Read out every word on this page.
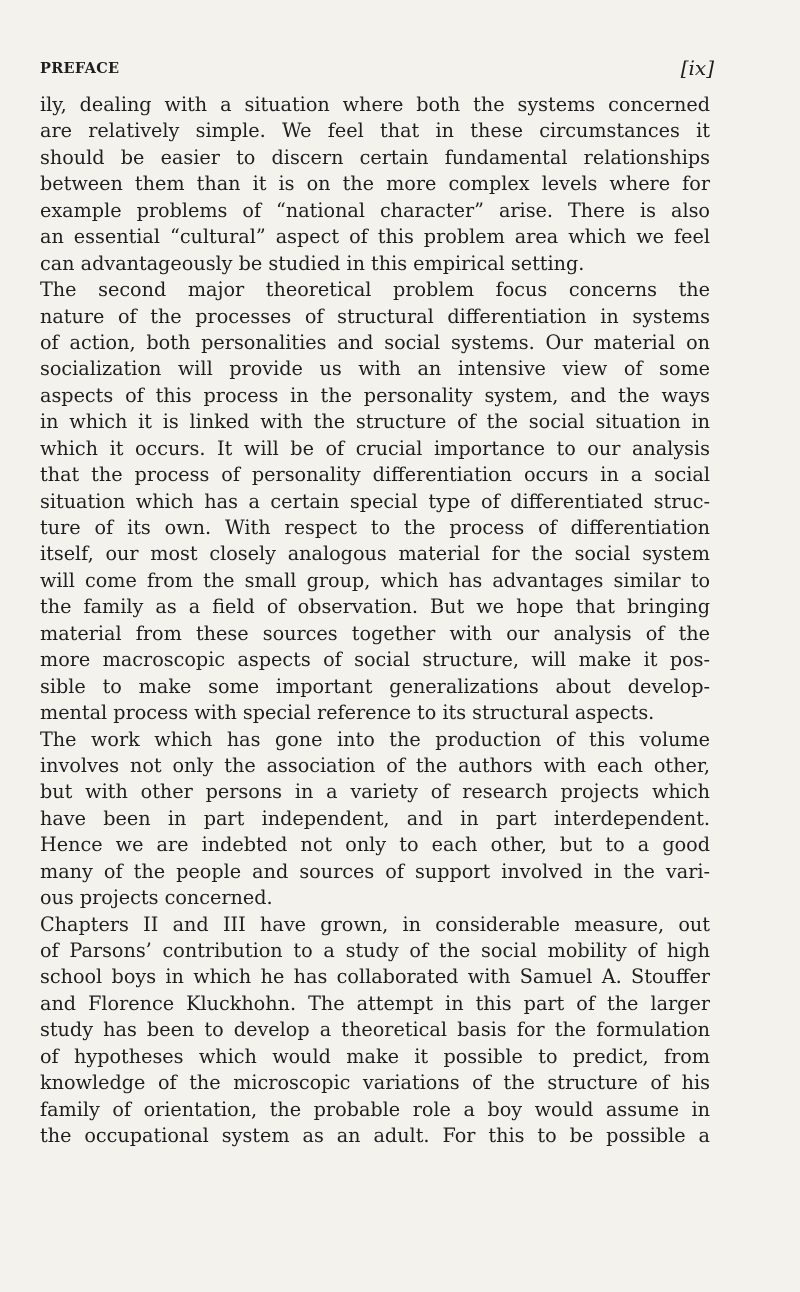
PREFACE	[ix]
ily, dealing with a situation where both the systems concerned
are relatively simple. We feel that in these circumstances it
should be easier to discern certain fundamental relationships
between them than it is on the more complex levels where for
example problems of “national character” arise. There is also
an essential “cultural” aspect of this problem area which we feel
can advantageously be studied in this empirical setting.
The second major theoretical problem focus concerns the
nature of the processes of structural differentiation in systems
of action, both personalities and social systems. Our material on
socialization will provide us with an intensive view of some
aspects of this process in the personality system, and the ways
in which it is linked with the structure of the social situation in
which it occurs. It will be of crucial importance to our analysis
that the process of personality differentiation occurs in a social
situation which has a certain special type of differentiated struc-
ture of its own. With respect to the process of differentiation
itself, our most closely analogous material for the social system
will come from the small group, which has advantages similar to
the family as a field of observation. But we hope that bringing
material from these sources together with our analysis of the
more macroscopic aspects of social structure, will make it pos-
sible to make some important generalizations about develop-
mental process with special reference to its structural aspects.
The work which has gone into the production of this volume
involves not only the association of the authors with each other,
but with other persons in a variety of research projects which
have been in part independent, and in part interdependent.
Hence we are indebted not only to each other, but to a good
many of the people and sources of support involved in the vari-
ous projects concerned.
Chapters II and III have grown, in considerable measure, out
of Parsons’ contribution to a study of the social mobility of high
school boys in which he has collaborated with Samuel A. Stouffer
and Florence Kluckhohn. The attempt in this part of the larger
study has been to develop a theoretical basis for the formulation
of hypotheses which would make it possible to predict, from
knowledge of the microscopic variations of the structure of his
family of orientation, the probable role a boy would assume in
the occupational system as an adult. For this to be possible a
